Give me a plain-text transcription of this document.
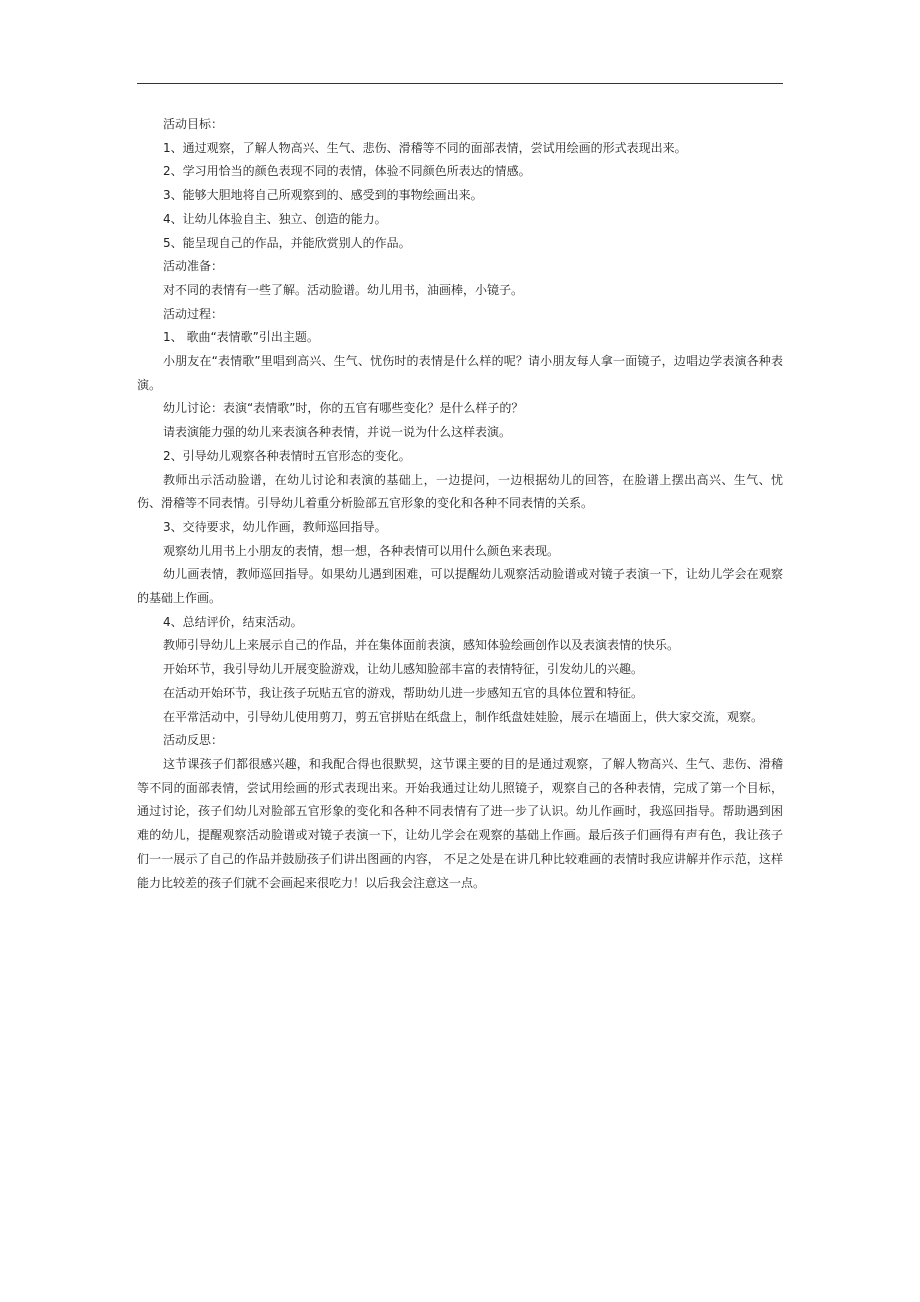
活动目标：

1、通过观察，了解人物高兴、生气、悲伤、滑稽等不同的面部表情，尝试用绘画的形式表现出来。

2、学习用恰当的颜色表现不同的表情，体验不同颜色所表达的情感。

3、能够大胆地将自己所观察到的、感受到的事物绘画出来。

4、让幼儿体验自主、独立、创造的能力。

5、能呈现自己的作品，并能欣赏别人的作品。

活动准备：

对不同的表情有一些了解。活动脸谱。幼儿用书，油画棒，小镜子。

活动过程：

1、 歌曲“表情歌”引出主题。

小朋友在“表情歌”里唱到高兴、生气、忧伤时的表情是什么样的呢？请小朋友每人拿一面镜子，边唱边学表演各种表演。

幼儿讨论：表演“表情歌”时，你的五官有哪些变化？是什么样子的？

请表演能力强的幼儿来表演各种表情，并说一说为什么这样表演。

2、引导幼儿观察各种表情时五官形态的变化。

教师出示活动脸谱，在幼儿讨论和表演的基础上，一边提问，一边根据幼儿的回答，在脸谱上摆出高兴、生气、忧伤、滑稽等不同表情。引导幼儿着重分析脸部五官形象的变化和各种不同表情的关系。

3、交待要求，幼儿作画，教师巡回指导。

观察幼儿用书上小朋友的表情，想一想，各种表情可以用什么颜色来表现。

幼儿画表情，教师巡回指导。如果幼儿遇到困难，可以提醒幼儿观察活动脸谱或对镜子表演一下，让幼儿学会在观察的基础上作画。

4、总结评价，结束活动。

教师引导幼儿上来展示自己的作品，并在集体面前表演，感知体验绘画创作以及表演表情的快乐。

开始环节，我引导幼儿开展变脸游戏，让幼儿感知脸部丰富的表情特征，引发幼儿的兴趣。

在活动开始环节，我让孩子玩贴五官的游戏，帮助幼儿进一步感知五官的具体位置和特征。

在平常活动中，引导幼儿使用剪刀，剪五官拼贴在纸盘上，制作纸盘娃娃脸，展示在墙面上，供大家交流，观察。

活动反思：

这节课孩子们都很感兴趣，和我配合得也很默契，这节课主要的目的是通过观察，了解人物高兴、生气、悲伤、滑稽等不同的面部表情，尝试用绘画的形式表现出来。开始我通过让幼儿照镜子，观察自己的各种表情，完成了第一个目标，通过讨论，孩子们幼儿对脸部五官形象的变化和各种不同表情有了进一步了认识。幼儿作画时，我巡回指导。帮助遇到困难的幼儿，提醒观察活动脸谱或对镜子表演一下，让幼儿学会在观察的基础上作画。最后孩子们画得有声有色，我让孩子们一一展示了自己的作品并鼓励孩子们讲出图画的内容， 不足之处是在讲几种比较难画的表情时我应讲解并作示范，这样能力比较差的孩子们就不会画起来很吃力！以后我会注意这一点。
